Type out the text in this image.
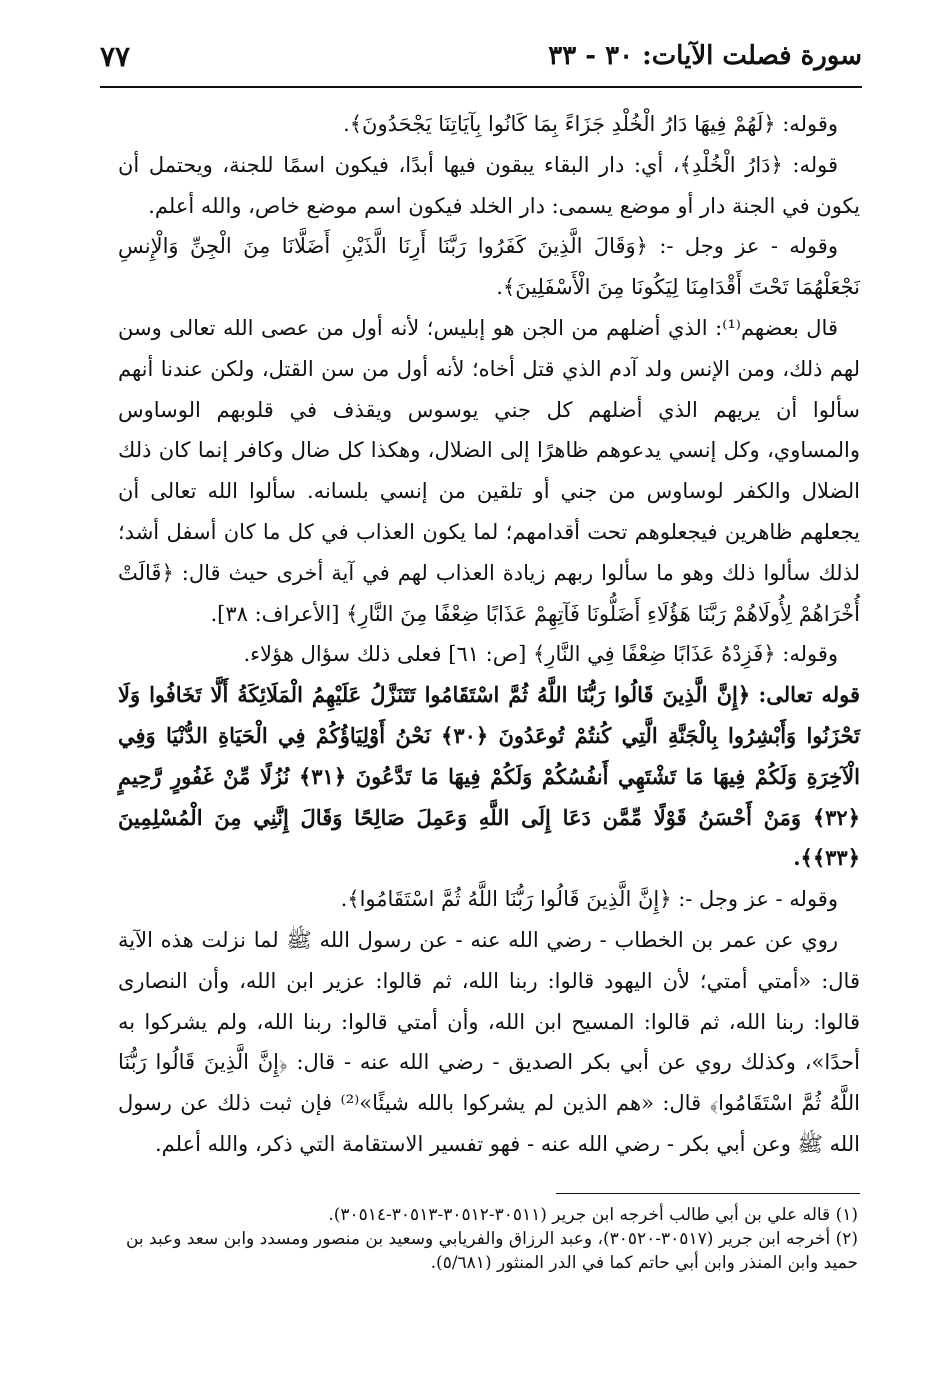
سورة فصلت الآيات: ٣٠ - ٣٣
٧٧

وقوله: ﴿لَهُمْ فِيهَا دَارُ الْخُلْدِ جَزَاءً بِمَا كَانُوا بِآيَاتِنَا يَجْحَدُونَ﴾.

قوله: ﴿دَارُ الْخُلْدِ﴾، أي: دار البقاء يبقون فيها أبدًا، فيكون اسمًا للجنة، ويحتمل أن يكون في الجنة دار أو موضع يسمى: دار الخلد فيكون اسم موضع خاص، والله أعلم.

وقوله - عز وجل -: ﴿وَقَالَ الَّذِينَ كَفَرُوا رَبَّنَا أَرِنَا الَّذَيْنِ أَضَلَّانَا مِنَ الْجِنِّ وَالْإِنسِ نَجْعَلْهُمَا تَحْتَ أَقْدَامِنَا لِيَكُونَا مِنَ الْأَسْفَلِينَ﴾.

قال بعضهم⁽¹⁾: الذي أضلهم من الجن هو إبليس؛ لأنه أول من عصى الله تعالى وسن لهم ذلك، ومن الإنس ولد آدم الذي قتل أخاه؛ لأنه أول من سن القتل، ولكن عندنا أنهم سألوا أن يريهم الذي أضلهم كل جني يوسوس ويقذف في قلوبهم الوساوس والمساوي، وكل إنسي يدعوهم ظاهرًا إلى الضلال، وهكذا كل ضال وكافر إنما كان ذلك الضلال والكفر لوساوس من جني أو تلقين من إنسي بلسانه. سألوا الله تعالى أن يجعلهم ظاهرين فيجعلوهم تحت أقدامهم؛ لما يكون العذاب في كل ما كان أسفل أشد؛ لذلك سألوا ذلك وهو ما سألوا ربهم زيادة العذاب لهم في آية أخرى حيث قال: ﴿قَالَتْ أُخْرَاهُمْ لِأُولَاهُمْ رَبَّنَا هَؤُلَاءِ أَضَلُّونَا فَآتِهِمْ عَذَابًا ضِعْفًا مِنَ النَّارِ﴾ [الأعراف: ٣٨].

وقوله: ﴿فَزِدْهُ عَذَابًا ضِعْفًا فِي النَّارِ﴾ [ص: ٦١] فعلى ذلك سؤال هؤلاء.

قوله تعالى: ﴿إِنَّ الَّذِينَ قَالُوا رَبُّنَا اللَّهُ ثُمَّ اسْتَقَامُوا تَتَنَزَّلُ عَلَيْهِمُ الْمَلَائِكَةُ أَلَّا تَخَافُوا وَلَا تَحْزَنُوا وَأَبْشِرُوا بِالْجَنَّةِ الَّتِي كُنتُمْ تُوعَدُونَ ﴿٣٠﴾ نَحْنُ أَوْلِيَاؤُكُمْ فِي الْحَيَاةِ الدُّنْيَا وَفِي الْآخِرَةِ وَلَكُمْ فِيهَا مَا تَشْتَهِي أَنفُسُكُمْ وَلَكُمْ فِيهَا مَا تَدَّعُونَ ﴿٣١﴾ نُزُلًا مِّنْ غَفُورٍ رَّحِيمٍ ﴿٣٢﴾ وَمَنْ أَحْسَنُ قَوْلًا مِّمَّن دَعَا إِلَى اللَّهِ وَعَمِلَ صَالِحًا وَقَالَ إِنَّنِي مِنَ الْمُسْلِمِينَ ﴿٣٣﴾﴾.

وقوله - عز وجل -: ﴿إِنَّ الَّذِينَ قَالُوا رَبُّنَا اللَّهُ ثُمَّ اسْتَقَامُوا﴾.

روي عن عمر بن الخطاب - رضي الله عنه - عن رسول الله ﷺ لما نزلت هذه الآية قال: «أمتي أمتي؛ لأن اليهود قالوا: ربنا الله، ثم قالوا: عزير ابن الله، وأن النصارى قالوا: ربنا الله، ثم قالوا: المسيح ابن الله، وأن أمتي قالوا: ربنا الله، ولم يشركوا به أحدًا»، وكذلك روي عن أبي بكر الصديق - رضي الله عنه - قال: ﴿إِنَّ الَّذِينَ قَالُوا رَبُّنَا اللَّهُ ثُمَّ اسْتَقَامُوا﴾ قال: «هم الذين لم يشركوا بالله شيئًا»⁽²⁾ فإن ثبت ذلك عن رسول الله ﷺ وعن أبي بكر - رضي الله عنه - فهو تفسير الاستقامة التي ذكر، والله أعلم.

(١) قاله علي بن أبي طالب أخرجه ابن جرير (٣٠٥١١-٣٠٥١٢-٣٠٥١٣-٣٠٥١٤).

(٢) أخرجه ابن جرير (٣٠٥١٧-٣٠٥٢٠)، وعبد الرزاق والفريابي وسعيد بن منصور ومسدد وابن سعد وعبد بن حميد وابن المنذر وابن أبي حاتم كما في الدر المنثور (٥/٦٨١).
